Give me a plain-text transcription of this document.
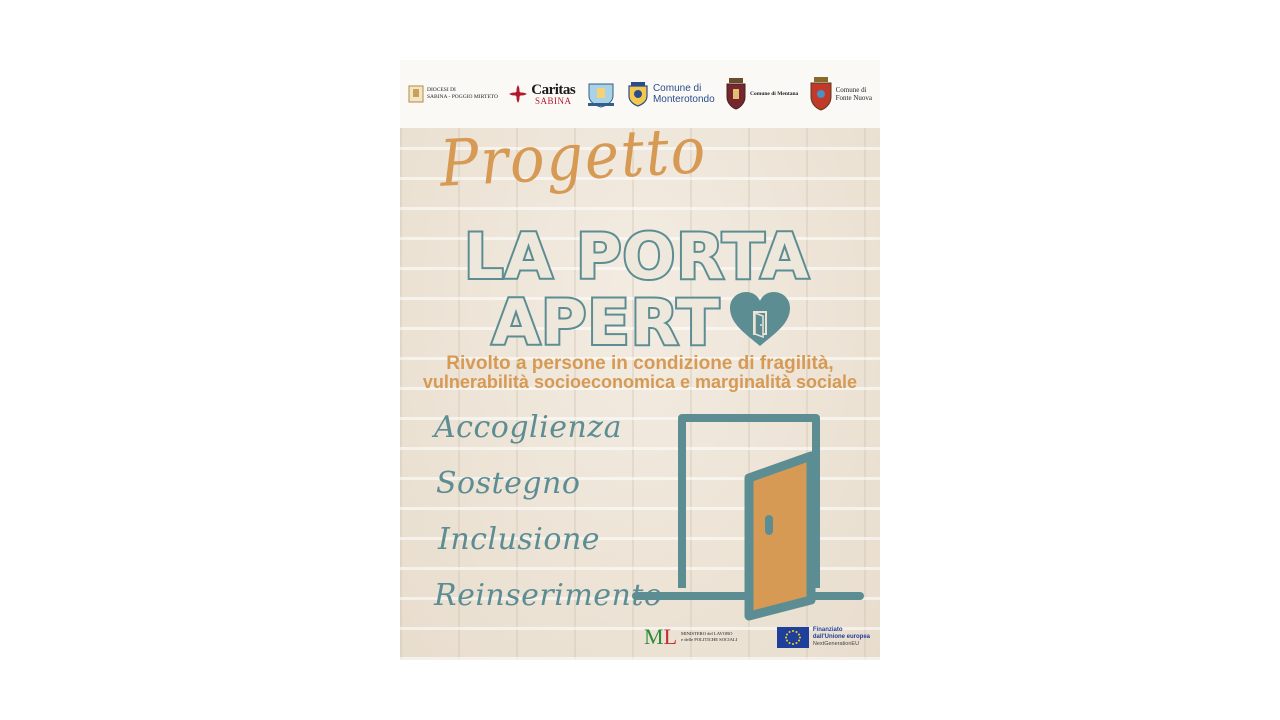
DIOCESI DI
SABINA - POGGIO MIRTETO Caritas
SABINA
Comune di
Monterotondo	Comune di Mentana	Comune di
Fonte Nuova
Progetto
LA PORTA
APERT
Rivolto a persone in condizione di fragilità,
vulnerabilità socioeconomica e marginalità sociale
Accoglienza
Sostegno
Inclusione
Reinserimento
ML MINISTERO del LAVORO
e delle POLITICHE SOCIALI
Finanziato
dall'Unione europea
NextGenerationEU
